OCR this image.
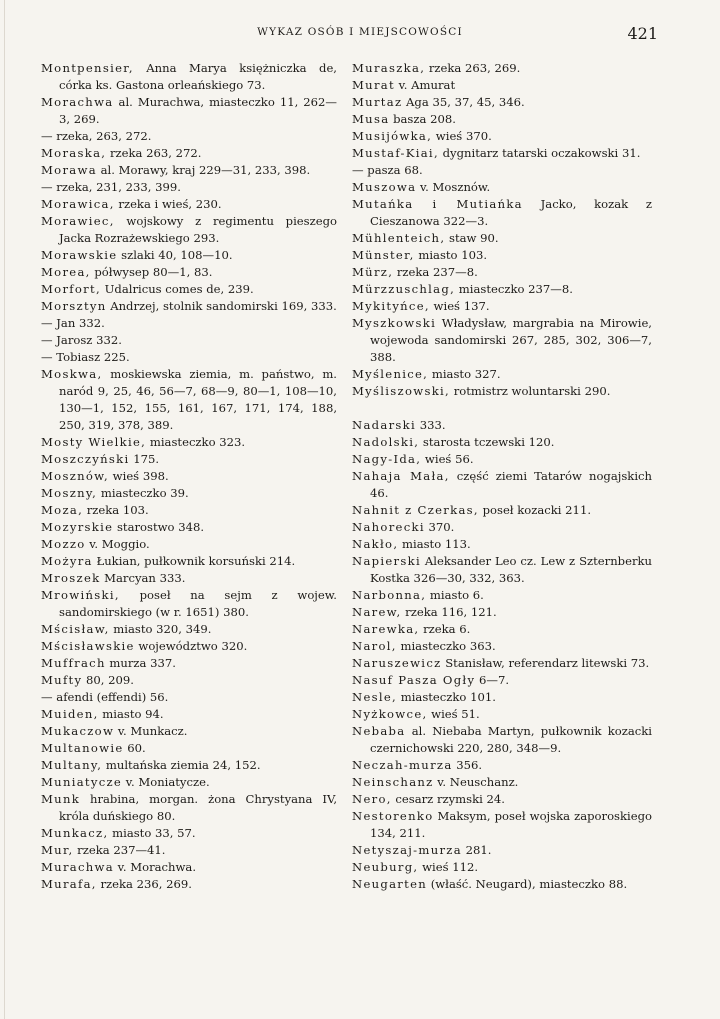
WYKAZ OSÓB I MIEJSCOWOŚCI	421

Montpensier, Anna Marya księżniczka de, córka ks. Gastona orleańskiego 73.

Morachwa al. Murachwa, miasteczko 11, 262—3, 269.

— rzeka, 263, 272.

Moraska, rzeka 263, 272.

Morawa al. Morawy, kraj 229—31, 233, 398.

— rzeka, 231, 233, 399.

Morawica, rzeka i wieś, 230.

Morawiec, wojskowy z regimentu pieszego Jacka Rozrażewskiego 293.

Morawskie szlaki 40, 108—10.

Morea, półwysep 80—1, 83.

Morfort, Udalricus comes de, 239.

Morsztyn Andrzej, stolnik sandomirski 169, 333.

— Jan 332.

— Jarosz 332.

— Tobiasz 225.

Moskwa, moskiewska ziemia, m. państwo, m. naród 9, 25, 46, 56—7, 68—9, 80—1, 108—10, 130—1, 152, 155, 161, 167, 171, 174, 188, 250, 319, 378, 389.

Mosty Wielkie, miasteczko 323.

Moszczyński 175.

Mosznów, wieś 398.

Moszny, miasteczko 39.

Moza, rzeka 103.

Mozyrskie starostwo 348.

Mozzo v. Moggio.

Możyra Łukian, pułkownik korsuński 214.

Mroszek Marcyan 333.

Mrowiński, poseł na sejm z wojew. sandomirskiego (w r. 1651) 380.

Mścisław, miasto 320, 349.

Mścisławskie województwo 320.

Muffrach murza 337.

Mufty 80, 209.

— afendi (effendi) 56.

Muiden, miasto 94.

Mukaczow v. Munkacz.

Multanowie 60.

Multany, multańska ziemia 24, 152.

Muniatycze v. Moniatycze.

Munk hrabina, morgan. żona Chrystyana IV, króla duńskiego 80.

Munkacz, miasto 33, 57.

Mur, rzeka 237—41.

Murachwa v. Morachwa.

Murafa, rzeka 236, 269.

Muraszka, rzeka 263, 269.

Murat v. Amurat

Murtaz Aga 35, 37, 45, 346.

Musa basza 208.

Musijówka, wieś 370.

Mustaf-Kiai, dygnitarz tatarski oczakowski 31.

— pasza 68.

Muszowa v. Mosznów.

Mutańka i Mutiańka Jacko, kozak z Cieszanowa 322—3.

Mühlenteich, staw 90.

Münster, miasto 103.

Mürz, rzeka 237—8.

Mürzzuschlag, miasteczko 237—8.

Mykityńce, wieś 137.

Myszkowski Władysław, margrabia na Mirowie, wojewoda sandomirski 267, 285, 302, 306—7, 388.

Myślenice, miasto 327.

Myśliszowski, rotmistrz woluntarski 290.

Nadarski 333.

Nadolski, starosta tczewski 120.

Nagy-Ida, wieś 56.

Nahaja Mała, część ziemi Tatarów nogajskich 46.

Nahnit z Czerkas, poseł kozacki 211.

Nahorecki 370.

Nakło, miasto 113.

Napierski Aleksander Leo cz. Lew z Szternberku Kostka 326—30, 332, 363.

Narbonna, miasto 6.

Narew, rzeka 116, 121.

Narewka, rzeka 6.

Narol, miasteczko 363.

Naruszewicz Stanisław, referendarz litewski 73.

Nasuf Pasza Ogły 6—7.

Nesle, miasteczko 101.

Nyżkowce, wieś 51.

Nebaba al. Niebaba Martyn, pułkownik kozacki czernichowski 220, 280, 348—9.

Neczah-murza 356.

Neinschanz v. Neuschanz.

Nero, cesarz rzymski 24.

Nestorenko Maksym, poseł wojska zaporoskiego 134, 211.

Netyszaj-murza 281.

Neuburg, wieś 112.

Neugarten (właść. Neugard), miasteczko 88.
